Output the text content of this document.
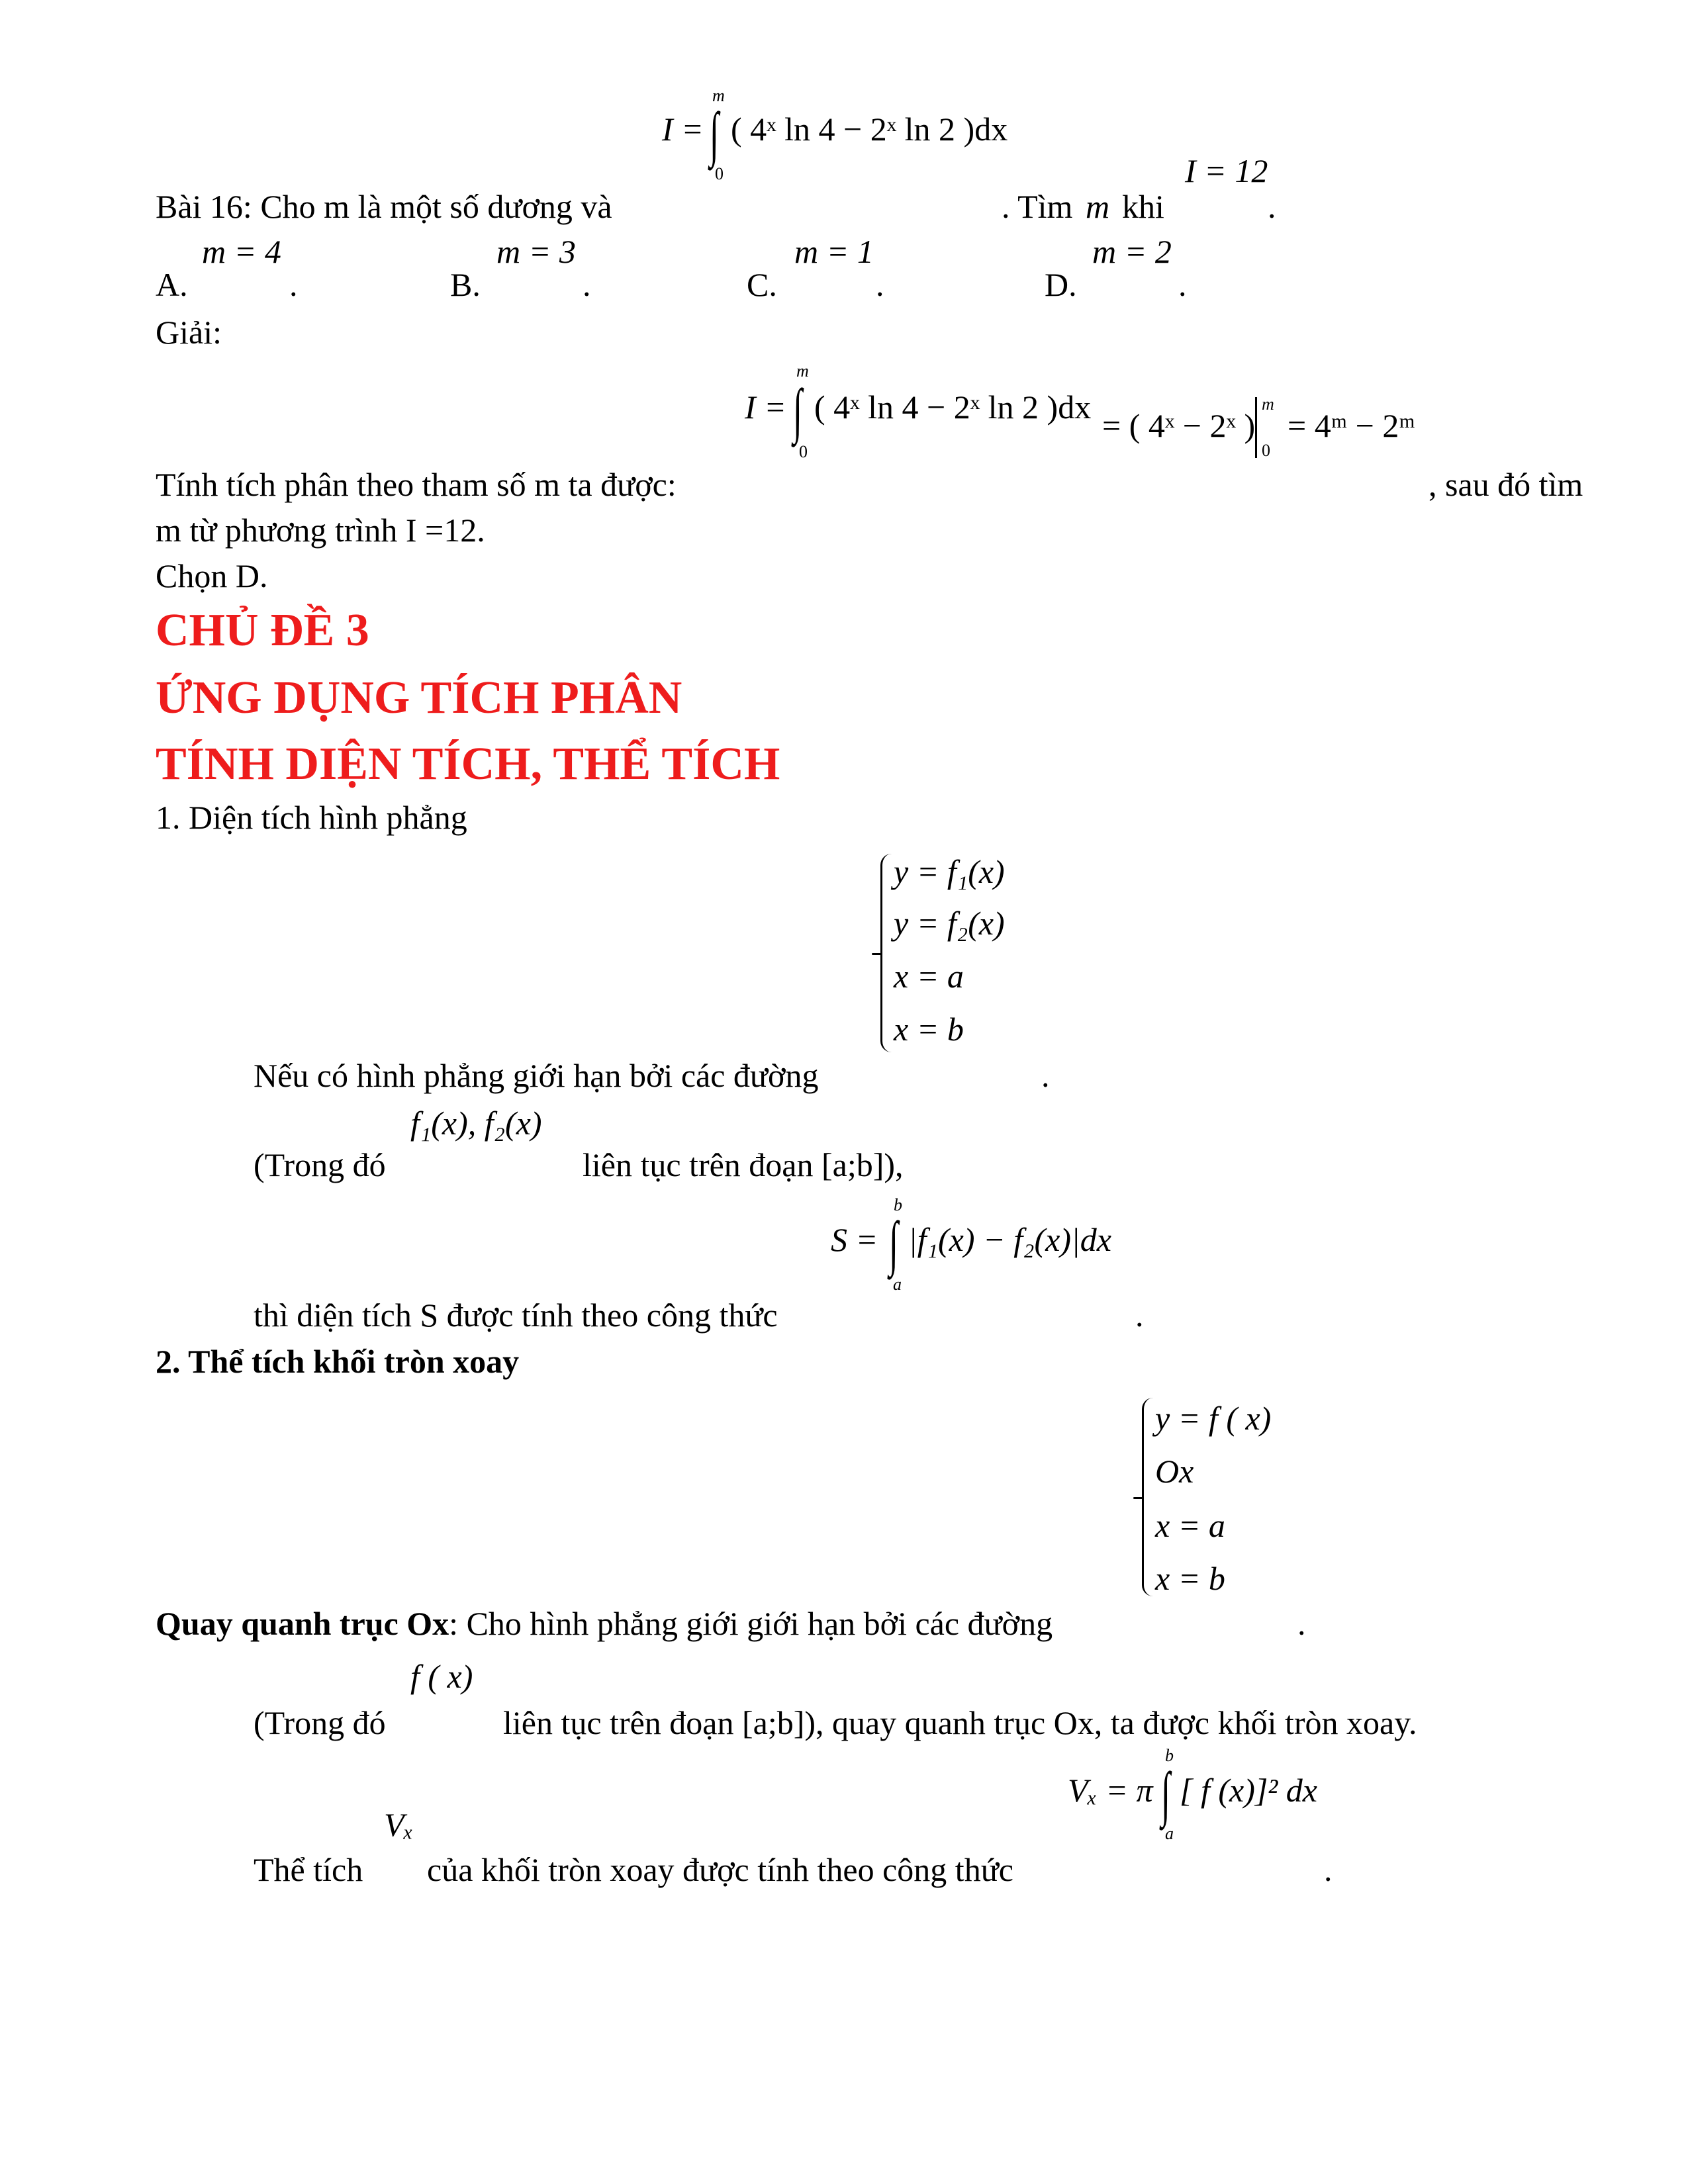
I =
m
∫
0
( 4ˣ ln 4 − 2ˣ ln 2 )dx
I = 12
Bài 16: Cho m là một số dương và	. Tìm m khi	.
m = 4
A.	.
m = 3
B.	.
m = 1
C.	.
m = 2
D.	.
Giải:
I =
m
∫
0
( 4ˣ ln 4 − 2ˣ ln 2 )dx = ( 4ˣ − 2ˣ )
m
0
= 4ᵐ − 2ᵐ
Tính tích phân theo tham số m ta được:	, sau đó tìm
m từ phương trình I =12.
Chọn D.
CHỦ ĐỀ 3
ỨNG DỤNG TÍCH PHÂN
TÍNH DIỆN TÍCH, THỂ TÍCH
1. Diện tích hình phẳng
y = f₁(x)
y = f₂(x)
x = a
x = b
Nếu có hình phẳng giới hạn bởi các đường	.
f₁(x), f₂(x)
(Trong đó	liên tục trên đoạn [a;b]),
S =
b
∫
a
|f₁(x) − f₂(x)|dx
thì diện tích S được tính theo công thức	.
2. Thể tích khối tròn xoay
y = f ( x)
Ox
x = a
x = b
Quay quanh trục Ox: Cho hình phẳng giới giới hạn bởi các đường	.
f ( x)
(Trong đó	liên tục trên đoạn [a;b]), quay quanh trục Ox, ta được khối tròn xoay.
Vₓ = π
b
∫
a
[ f (x)]² dx
Vₓ
Thể tích của khối tròn xoay được tính theo công thức	.
